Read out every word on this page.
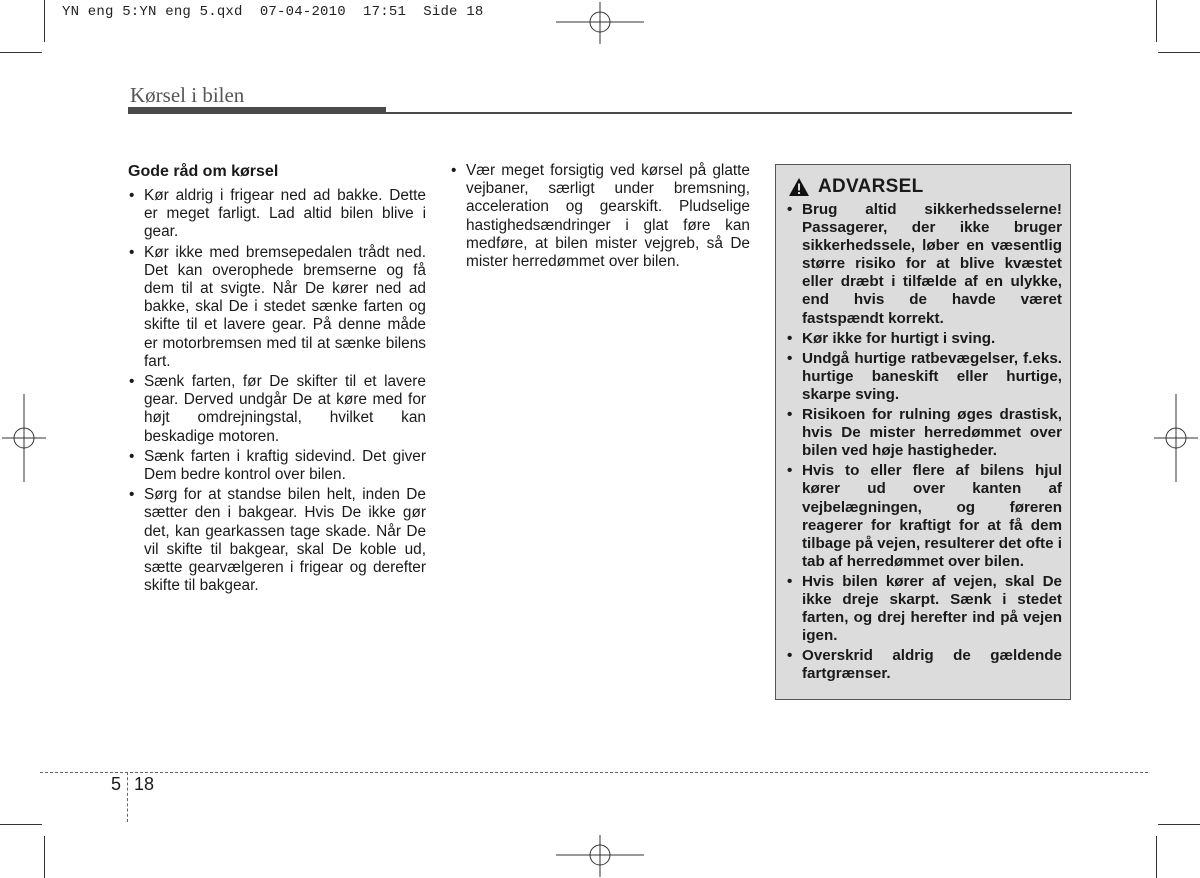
YN eng 5:YN eng 5.qxd  07-04-2010  17:51  Side 18
Kørsel i bilen
Gode råd om kørsel
• Kør aldrig i frigear ned ad bakke. Dette er meget farligt. Lad altid bilen blive i gear.
• Kør ikke med bremsepedalen trådt ned. Det kan overophede bremserne og få dem til at svigte. Når De kører ned ad bakke, skal De i stedet sænke farten og skifte til et lavere gear. På denne måde er motorbremsen med til at sænke bilens fart.
• Sænk farten, før De skifter til et lavere gear. Derved undgår De at køre med for højt omdrejningstal, hvilket kan beskadige motoren.
• Sænk farten i kraftig sidevind. Det giver Dem bedre kontrol over bilen.
• Sørg for at standse bilen helt, inden De sætter den i bakgear. Hvis De ikke gør det, kan gearkassen tage skade. Når De vil skifte til bakgear, skal De koble ud, sætte gearvælgeren i frigear og derefter skifte til bakgear.
• Vær meget forsigtig ved kørsel på glatte vejbaner, særligt under bremsning, acceleration og gearskift. Pludselige hastighedsændringer i glat føre kan medføre, at bilen mister vejgreb, så De mister herredømmet over bilen.
ADVARSEL
• Brug altid sikkerhedsselerne! Passagerer, der ikke bruger sikkerhedssele, løber en væsentlig større risiko for at blive kvæstet eller dræbt i tilfælde af en ulykke, end hvis de havde været fastspændt korrekt.
• Kør ikke for hurtigt i sving.
• Undgå hurtige ratbevægelser, f.eks. hurtige baneskift eller hurtige, skarpe sving.
• Risikoen for rulning øges drastisk, hvis De mister herredømmet over bilen ved høje hastigheder.
• Hvis to eller flere af bilens hjul kører ud over kanten af vejbelægningen, og føreren reagerer for kraftigt for at få dem tilbage på vejen, resulterer det ofte i tab af herredømmet over bilen.
• Hvis bilen kører af vejen, skal De ikke dreje skarpt. Sænk i stedet farten, og drej herefter ind på vejen igen.
• Overskrid aldrig de gældende fartgrænser.
5 18
